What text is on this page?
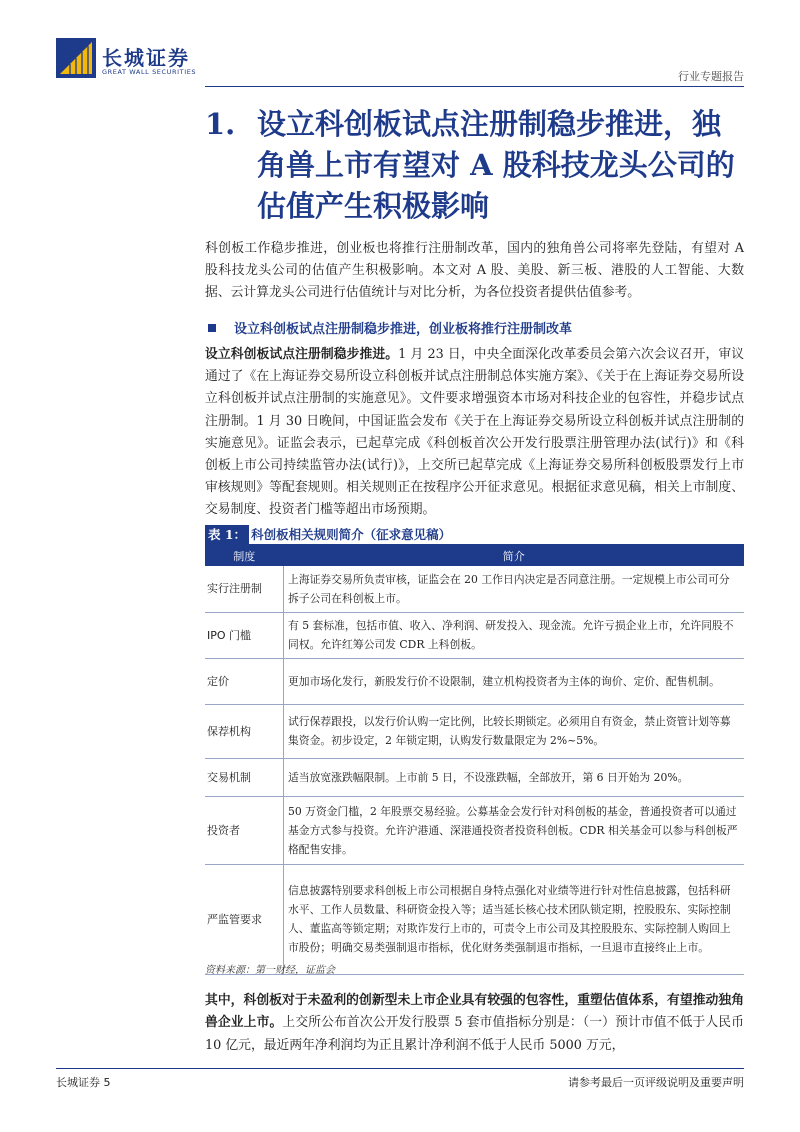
长城证券
GREAT WALL SECURITIES	行业专题报告
1. 设立科创板试点注册制稳步推进，独角兽上市有望对 A 股科技龙头公司的估值产生积极影响
科创板工作稳步推进，创业板也将推行注册制改革，国内的独角兽公司将率先登陆，有望对 A 股科技龙头公司的估值产生积极影响。本文对 A 股、美股、新三板、港股的人工智能、大数据、云计算龙头公司进行估值统计与对比分析，为各位投资者提供估值参考。
设立科创板试点注册制稳步推进，创业板将推行注册制改革
设立科创板试点注册制稳步推进。1 月 23 日，中央全面深化改革委员会第六次会议召开，审议通过了《在上海证券交易所设立科创板并试点注册制总体实施方案》、《关于在上海证券交易所设立科创板并试点注册制的实施意见》。文件要求增强资本市场对科技企业的包容性，并稳步试点注册制。1 月 30 日晚间，中国证监会发布《关于在上海证券交易所设立科创板并试点注册制的实施意见》。证监会表示，已起草完成《科创板首次公开发行股票注册管理办法(试行)》和《科创板上市公司持续监管办法(试行)》，上交所已起草完成《上海证券交易所科创板股票发行上市审核规则》等配套规则。相关规则正在按程序公开征求意见。根据征求意见稿，相关上市制度、交易制度、投资者门槛等超出市场预期。
表 1： 科创板相关规则简介（征求意见稿）
制度	简介
实行注册制	上海证券交易所负责审核，证监会在 20 工作日内决定是否同意注册。一定规模上市公司可分拆子公司在科创板上市。
IPO 门槛	有 5 套标准，包括市值、收入、净利润、研发投入、现金流。允许亏损企业上市，允许同股不同权。允许红筹公司发 CDR 上科创板。
定价	更加市场化发行，新股发行价不设限制，建立机构投资者为主体的询价、定价、配售机制。
保荐机构	试行保荐跟投，以发行价认购一定比例，比较长期锁定。必须用自有资金，禁止资管计划等募集资金。初步设定，2 年锁定期，认购发行数量限定为 2%~5%。
交易机制	适当放宽涨跌幅限制。上市前 5 日，不设涨跌幅，全部放开，第 6 日开始为 20%。
投资者	50 万资金门槛，2 年股票交易经验。公募基金会发行针对科创板的基金，普通投资者可以通过基金方式参与投资。允许沪港通、深港通投资者投资科创板。CDR 相关基金可以参与科创板严格配售安排。
严监管要求	信息披露特别要求科创板上市公司根据自身特点强化对业绩等进行针对性信息披露，包括科研水平、工作人员数量、科研资金投入等；适当延长核心技术团队锁定期，控股股东、实际控制人、董监高等锁定期；对欺诈发行上市的，可责令上市公司及其控股股东、实际控制人购回上市股份；明确交易类强制退市指标，优化财务类强制退市指标，一旦退市直接终止上市。
资料来源：第一财经，证监会
其中，科创板对于未盈利的创新型未上市企业具有较强的包容性，重塑估值体系，有望推动独角兽企业上市。上交所公布首次公开发行股票 5 套市值指标分别是：（一）预计市值不低于人民币 10 亿元，最近两年净利润均为正且累计净利润不低于人民币 5000 万元，
长城证券 5	请参考最后一页评级说明及重要声明
